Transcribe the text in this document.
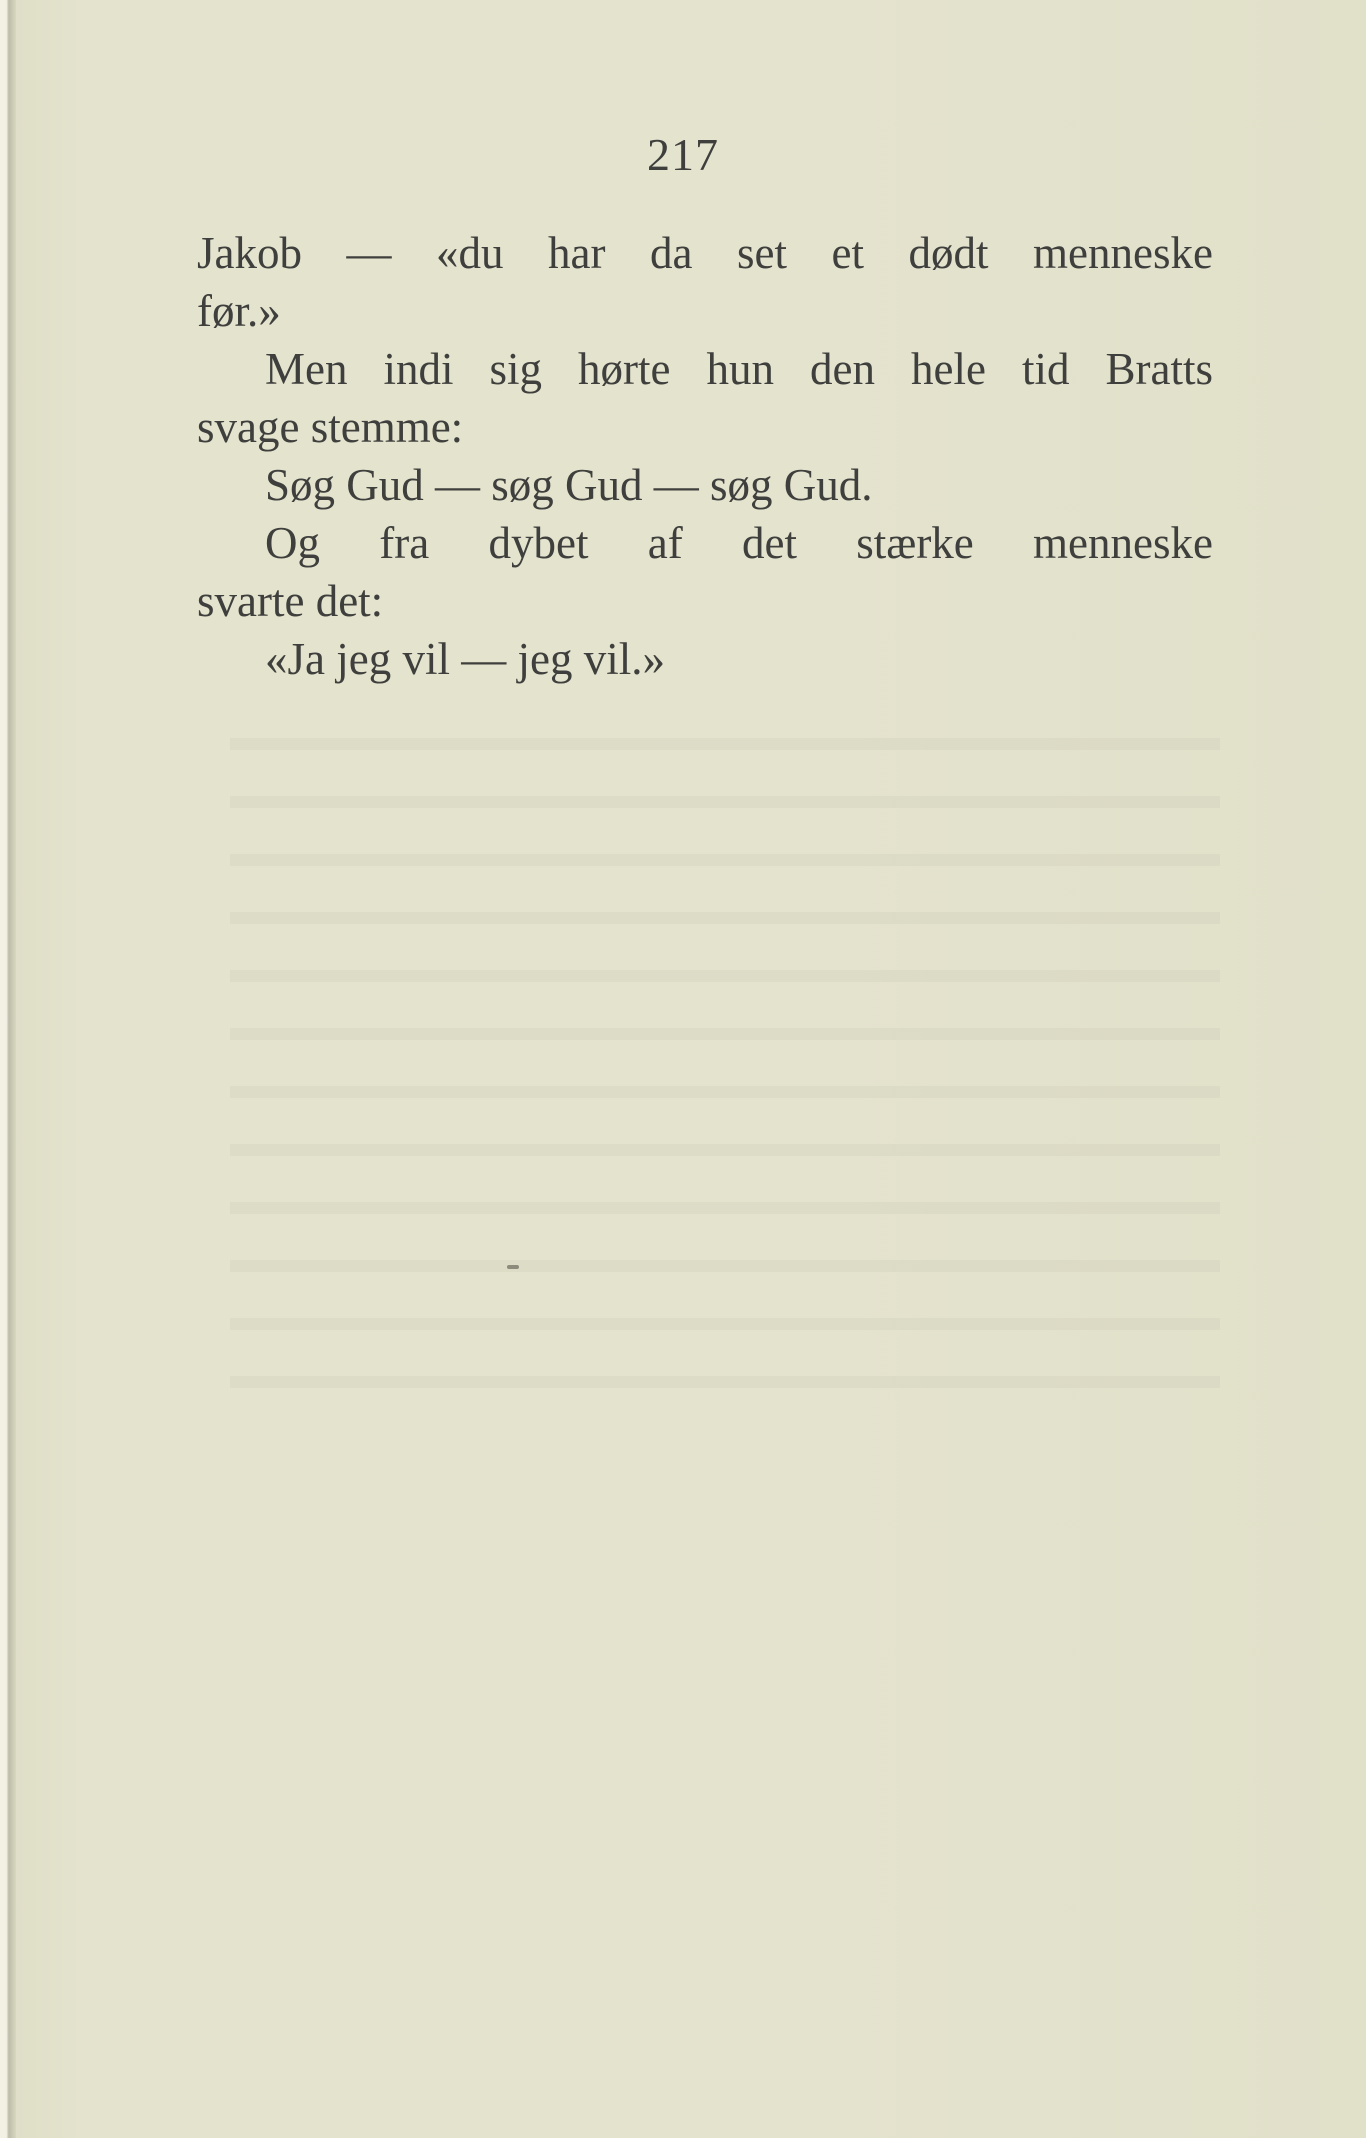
217
Jakob — «du har da set et dødt menneske
før.»
Men indi sig hørte hun den hele tid Bratts
svage stemme:
Søg Gud — søg Gud — søg Gud.
Og fra dybet af det stærke menneske
svarte det:
«Ja jeg vil — jeg vil.»
